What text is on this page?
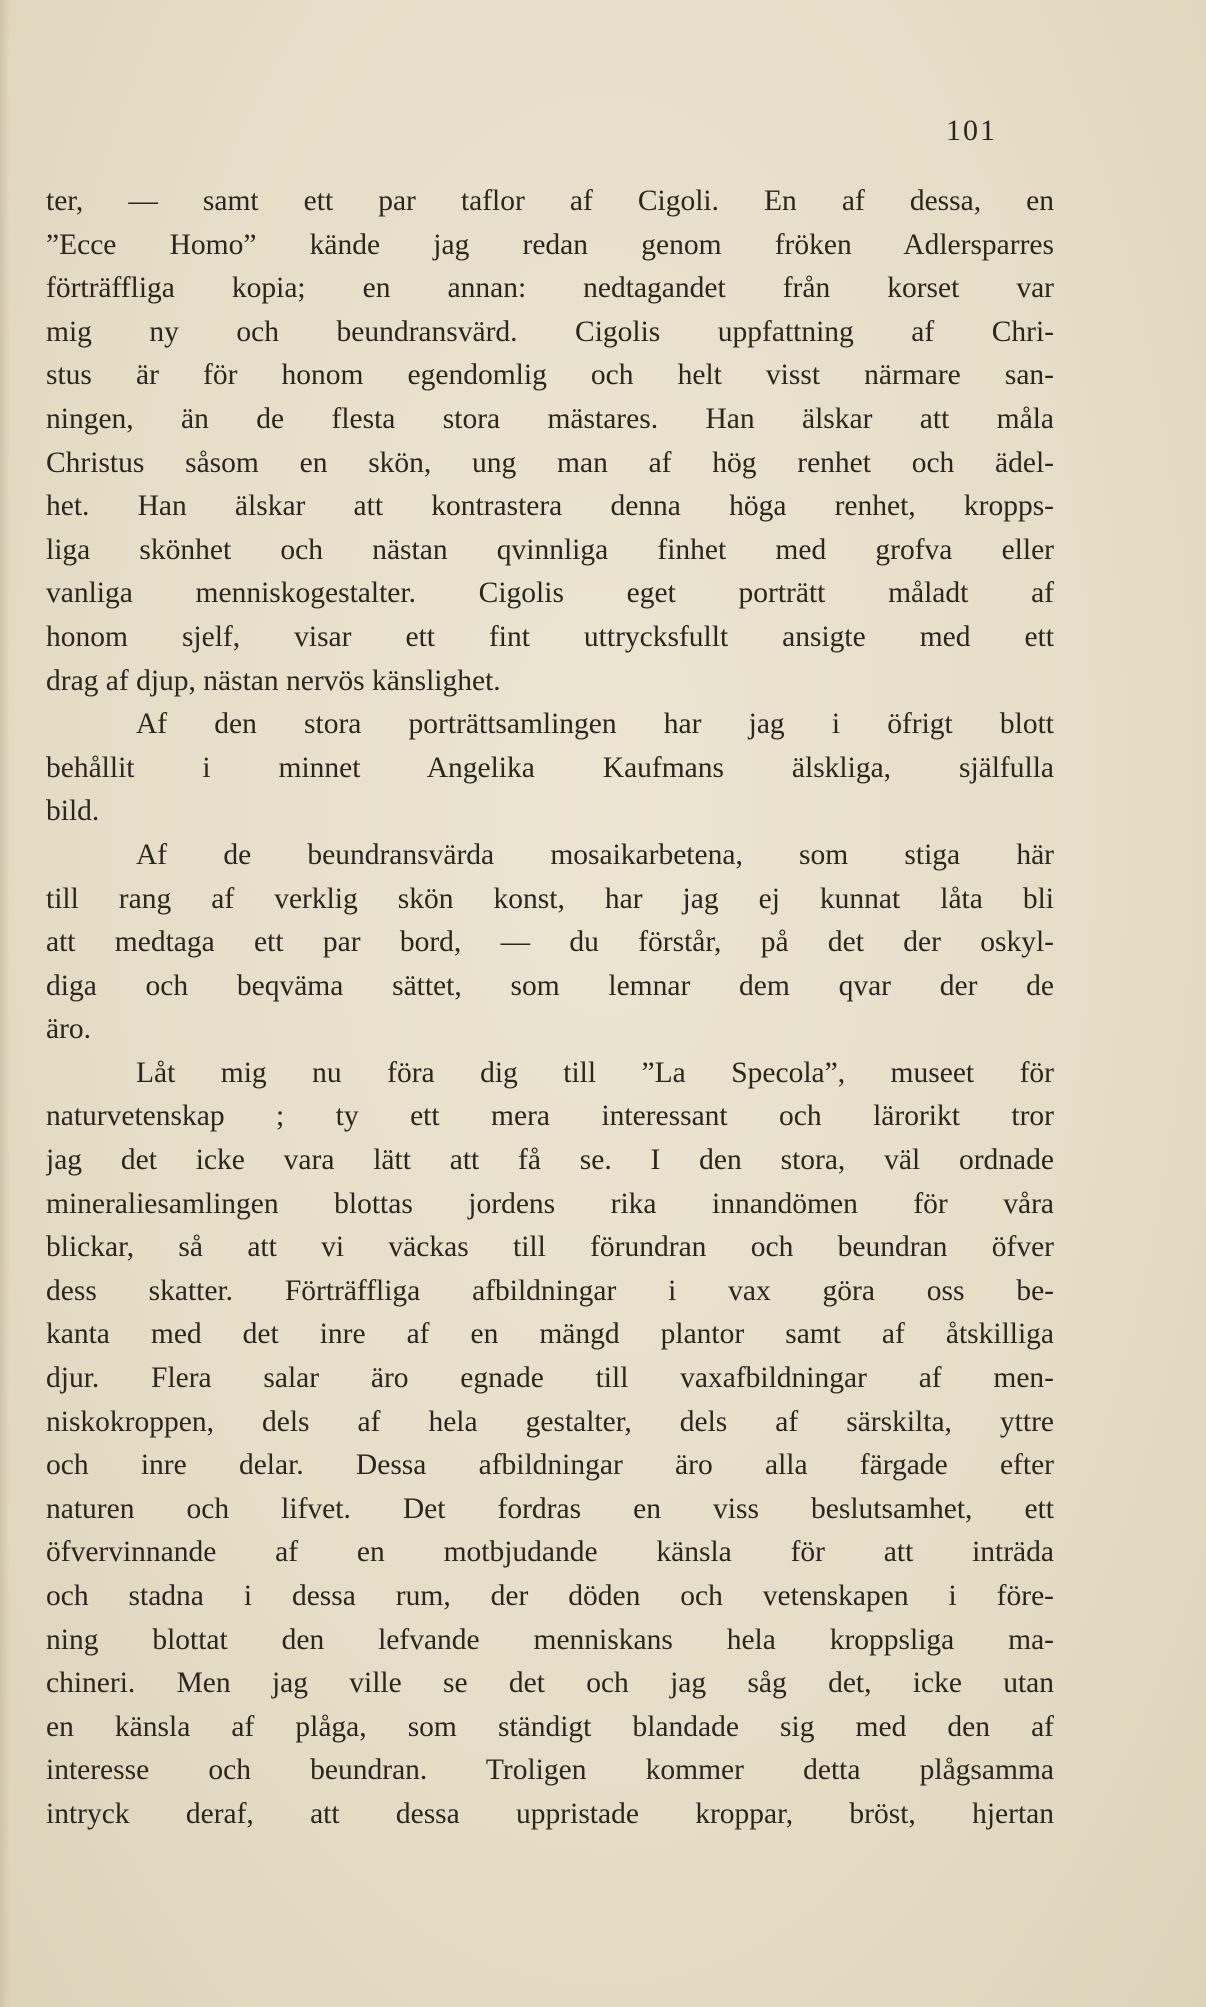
101
ter, — samt ett par taflor af Cigoli. En af dessa, en
”Ecce Homo” kände jag redan genom fröken Adlersparres
förträffliga kopia; en annan: nedtagandet från korset var
mig ny och beundransvärd. Cigolis uppfattning af Chri-
stus är för honom egendomlig och helt visst närmare san-
ningen, än de flesta stora mästares. Han älskar att måla
Christus såsom en skön, ung man af hög renhet och ädel-
het. Han älskar att kontrastera denna höga renhet, kropps-
liga skönhet och nästan qvinnliga finhet med grofva eller
vanliga menniskogestalter. Cigolis eget porträtt måladt af
honom sjelf, visar ett fint uttrycksfullt ansigte med ett
drag af djup, nästan nervös känslighet.
Af den stora porträttsamlingen har jag i öfrigt blott
behållit i minnet Angelika Kaufmans älskliga, själfulla
bild.
Af de beundransvärda mosaikarbetena, som stiga här
till rang af verklig skön konst, har jag ej kunnat låta bli
att medtaga ett par bord, — du förstår, på det der oskyl-
diga och beqväma sättet, som lemnar dem qvar der de
äro.
Låt mig nu föra dig till ”La Specola”, museet för
naturvetenskap ; ty ett mera interessant och lärorikt tror
jag det icke vara lätt att få se. I den stora, väl ordnade
mineraliesamlingen blottas jordens rika innandömen för våra
blickar, så att vi väckas till förundran och beundran öfver
dess skatter. Förträffliga afbildningar i vax göra oss be-
kanta med det inre af en mängd plantor samt af åtskilliga
djur. Flera salar äro egnade till vaxafbildningar af men-
niskokroppen, dels af hela gestalter, dels af särskilta, yttre
och inre delar. Dessa afbildningar äro alla färgade efter
naturen och lifvet. Det fordras en viss beslutsamhet, ett
öfvervinnande af en motbjudande känsla för att inträda
och stadna i dessa rum, der döden och vetenskapen i före-
ning blottat den lefvande menniskans hela kroppsliga ma-
chineri. Men jag ville se det och jag såg det, icke utan
en känsla af plåga, som ständigt blandade sig med den af
interesse och beundran. Troligen kommer detta plågsamma
intryck deraf, att dessa uppristade kroppar, bröst, hjertan
